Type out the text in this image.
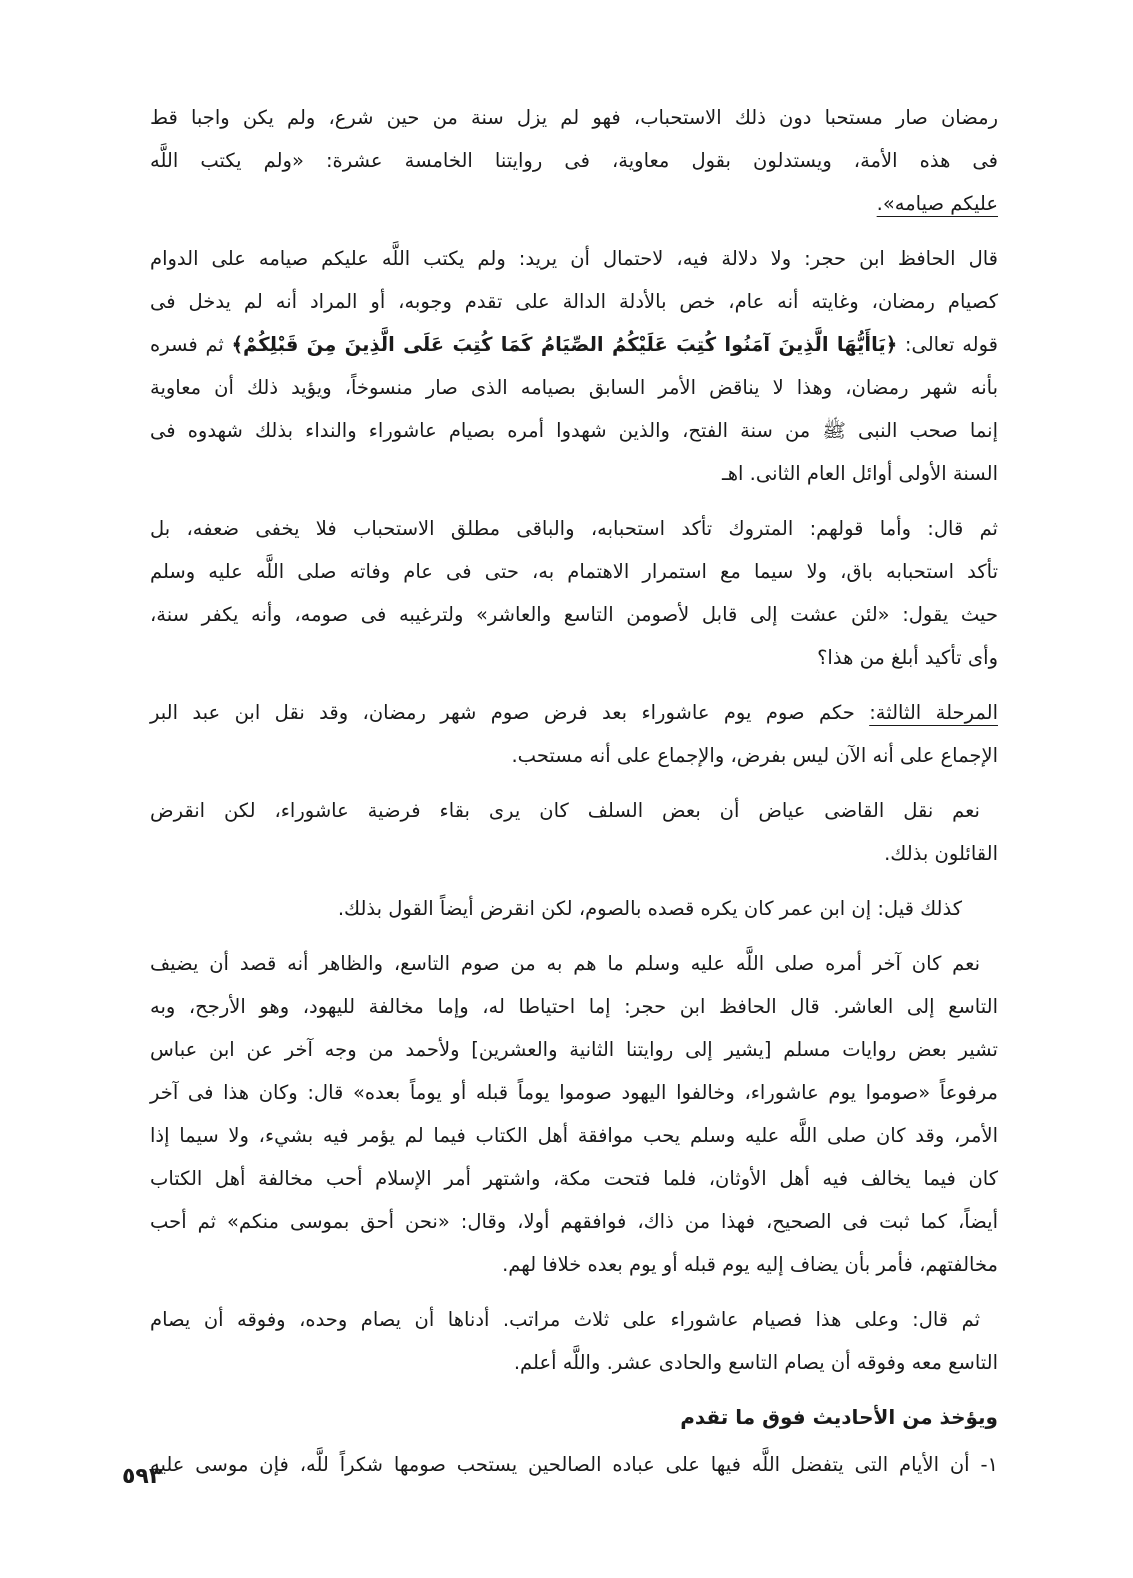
رمضان صار مستحبا دون ذلك الاستحباب، فهو لم يزل سنة من حين شرع، ولم يكن واجبا قط
فى هذه الأمة، ويستدلون بقول معاوية، فى روايتنا الخامسة عشرة: «ولم يكتب اللَّه
عليكم صيامه».

قال الحافظ ابن حجر: ولا دلالة فيه، لاحتمال أن يريد: ولم يكتب اللَّه عليكم صيامه على الدوام
كصيام رمضان، وغايته أنه عام، خص بالأدلة الدالة على تقدم وجوبه، أو المراد أنه لم يدخل فى
قوله تعالى: ﴿يَاأَيُّهَا الَّذِينَ آمَنُوا كُتِبَ عَلَيْكُمُ الصِّيَامُ كَمَا كُتِبَ عَلَى الَّذِينَ مِنَ قَبْلِكُمْ﴾ ثم فسره
بأنه شهر رمضان، وهذا لا يناقض الأمر السابق بصيامه الذى صار منسوخاً، ويؤيد ذلك أن معاوية
إنما صحب النبى ﷺ من سنة الفتح، والذين شهدوا أمره بصيام عاشوراء والنداء بذلك شهدوه فى
السنة الأولى أوائل العام الثانى. اهـ

ثم قال: وأما قولهم: المتروك تأكد استحبابه، والباقى مطلق الاستحباب فلا يخفى ضعفه، بل
تأكد استحبابه باق، ولا سيما مع استمرار الاهتمام به، حتى فى عام وفاته صلى اللَّه عليه وسلم
حيث يقول: «لئن عشت إلى قابل لأصومن التاسع والعاشر» ولترغيبه فى صومه، وأنه يكفر سنة،
وأى تأكيد أبلغ من هذا؟

المرحلة الثالثة: حكم صوم يوم عاشوراء بعد فرض صوم شهر رمضان، وقد نقل ابن عبد البر
الإجماع على أنه الآن ليس بفرض، والإجماع على أنه مستحب.

نعم نقل القاضى عياض أن بعض السلف كان يرى بقاء فرضية عاشوراء، لكن انقرض
القائلون بذلك.

كذلك قيل: إن ابن عمر كان يكره قصده بالصوم، لكن انقرض أيضاً القول بذلك.

نعم كان آخر أمره صلى اللَّه عليه وسلم ما هم به من صوم التاسع، والظاهر أنه قصد أن يضيف
التاسع إلى العاشر. قال الحافظ ابن حجر: إما احتياطا له، وإما مخالفة لليهود، وهو الأرجح، وبه
تشير بعض روايات مسلم [يشير إلى روايتنا الثانية والعشرين] ولأحمد من وجه آخر عن ابن عباس
مرفوعاً «صوموا يوم عاشوراء، وخالفوا اليهود صوموا يوماً قبله أو يوماً بعده» قال: وكان هذا فى آخر
الأمر، وقد كان صلى اللَّه عليه وسلم يحب موافقة أهل الكتاب فيما لم يؤمر فيه بشيء، ولا سيما إذا
كان فيما يخالف فيه أهل الأوثان، فلما فتحت مكة، واشتهر أمر الإسلام أحب مخالفة أهل الكتاب
أيضاً، كما ثبت فى الصحيح، فهذا من ذاك، فوافقهم أولا، وقال: «نحن أحق بموسى منكم» ثم أحب
مخالفتهم، فأمر بأن يضاف إليه يوم قبله أو يوم بعده خلافا لهم.

ثم قال: وعلى هذا فصيام عاشوراء على ثلاث مراتب. أدناها أن يصام وحده، وفوقه أن يصام
التاسع معه وفوقه أن يصام التاسع والحادى عشر. واللَّه أعلم.

ويؤخذ من الأحاديث فوق ما تقدم

١- أن الأيام التى يتفضل اللَّه فيها على عباده الصالحين يستحب صومها شكراً للَّه، فإن موسى عليه

٥٩٣
